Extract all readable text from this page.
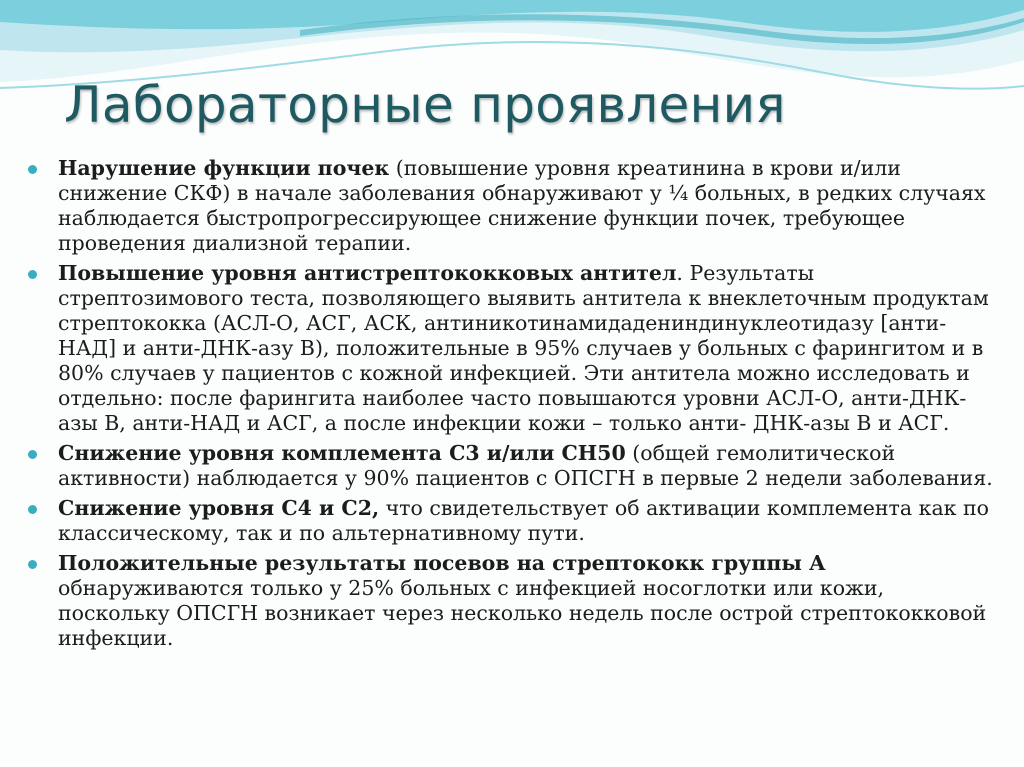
Лабораторные проявления
Нарушение функции почек (повышение уровня креатинина в крови и/или снижение СКФ) в начале заболевания обнаруживают у ¼ больных, в редких случаях наблюдается быстропрогрессирующее снижение функции почек, требующее проведения диализной терапии.
Повышение уровня антистрептококковых антител. Результаты стрептозимового теста, позволяющего выявить антитела к внеклеточным продуктам стрептококка (АСЛ-О, АСГ, АСК, антиникотинамидадениндинуклеотидазу [анти-НАД] и анти-ДНК-азу В), положительные в 95% случаев у больных с фарингитом и в 80% случаев у пациентов с кожной инфекцией. Эти антитела можно исследовать и отдельно: после фарингита наиболее часто повышаются уровни АСЛ-О, анти-ДНК- азы В, анти-НАД и АСГ, а после инфекции кожи – только анти- ДНК-азы В и АСГ.
Снижение уровня комплемента С3 и/или СН50 (общей гемолитической активности) наблюдается у 90% пациентов с ОПСГН в первые 2 недели заболевания.
Снижение уровня С4 и С2, что свидетельствует об активации комплемента как по классическому, так и по альтернативному пути.
Положительные результаты посевов на стрептококк группы А обнаруживаются только у 25% больных с инфекцией носоглотки или кожи, поскольку ОПСГН возникает через несколько недель после острой стрептококковой инфекции.
